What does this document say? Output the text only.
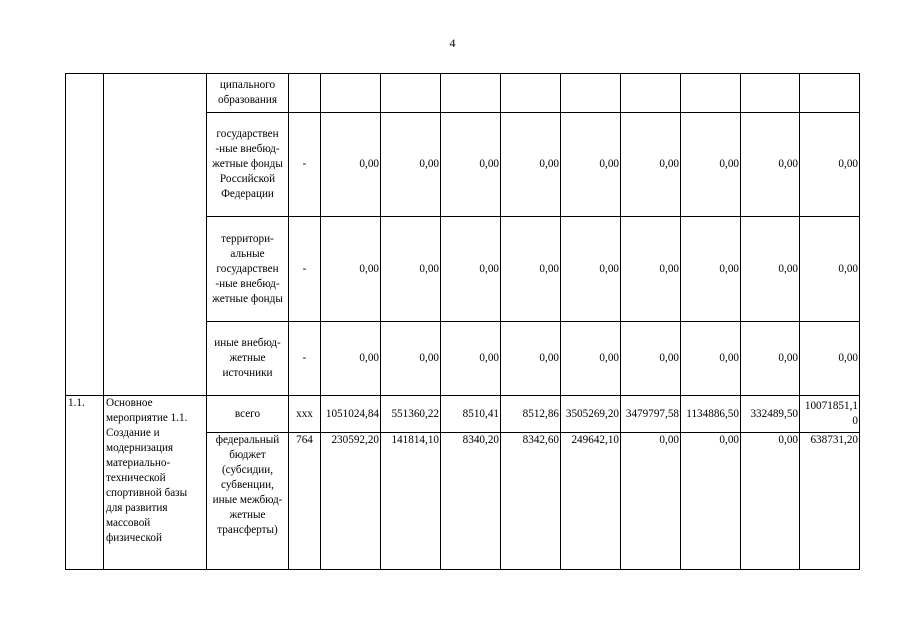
4
		ципального образования										
		государствен -ные внебюд- жетные фонды Российской Федерации	-	0,00	0,00	0,00	0,00	0,00	0,00	0,00	0,00	0,00
		территори- альные государствен -ные внебюд- жетные фонды	-	0,00	0,00	0,00	0,00	0,00	0,00	0,00	0,00	0,00
		иные внебюд- жетные источники	-	0,00	0,00	0,00	0,00	0,00	0,00	0,00	0,00	0,00
1.1.	Основное мероприятие 1.1. Создание и модернизация материально-технической спортивной базы для развития массовой физической	всего	ххх	1051024,84	551360,22	8510,41	8512,86	3505269,20	3479797,58	1134886,50	332489,50	10071851,10
		федеральный бюджет (субсидии, субвенции, иные межбюд- жетные трансферты)	764	230592,20	141814,10	8340,20	8342,60	249642,10	0,00	0,00	0,00	638731,20
